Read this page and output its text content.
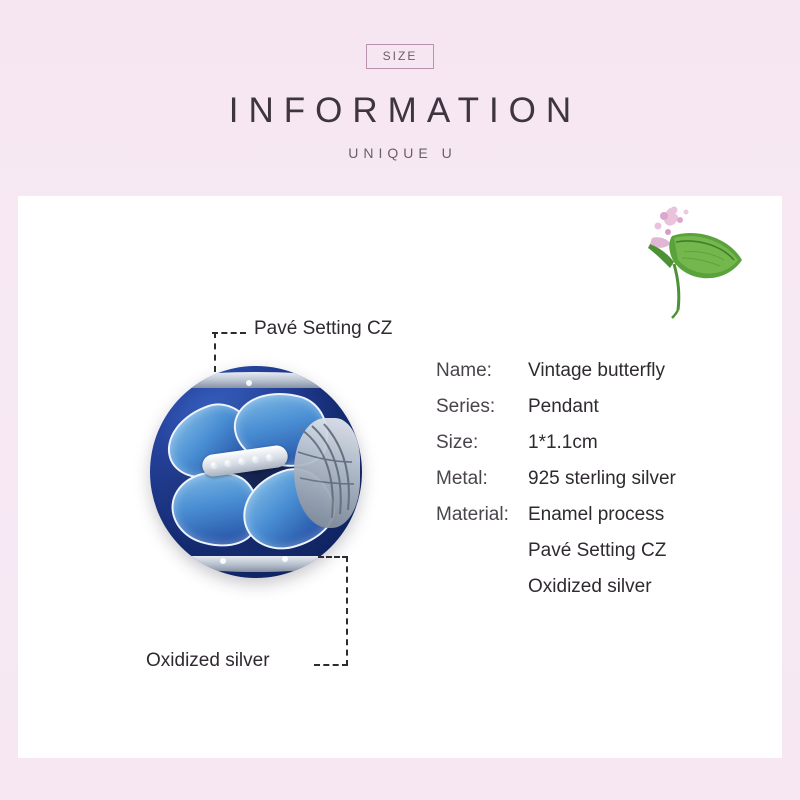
SIZE
INFORMATION
UNIQUE U
Pavé Setting CZ
Oxidized silver
Name:	Vintage butterfly
Series:	Pendant
Size:	1*1.1cm
Metal:	925 sterling silver
Material:	Enamel process
Pavé Setting CZ
Oxidized silver
